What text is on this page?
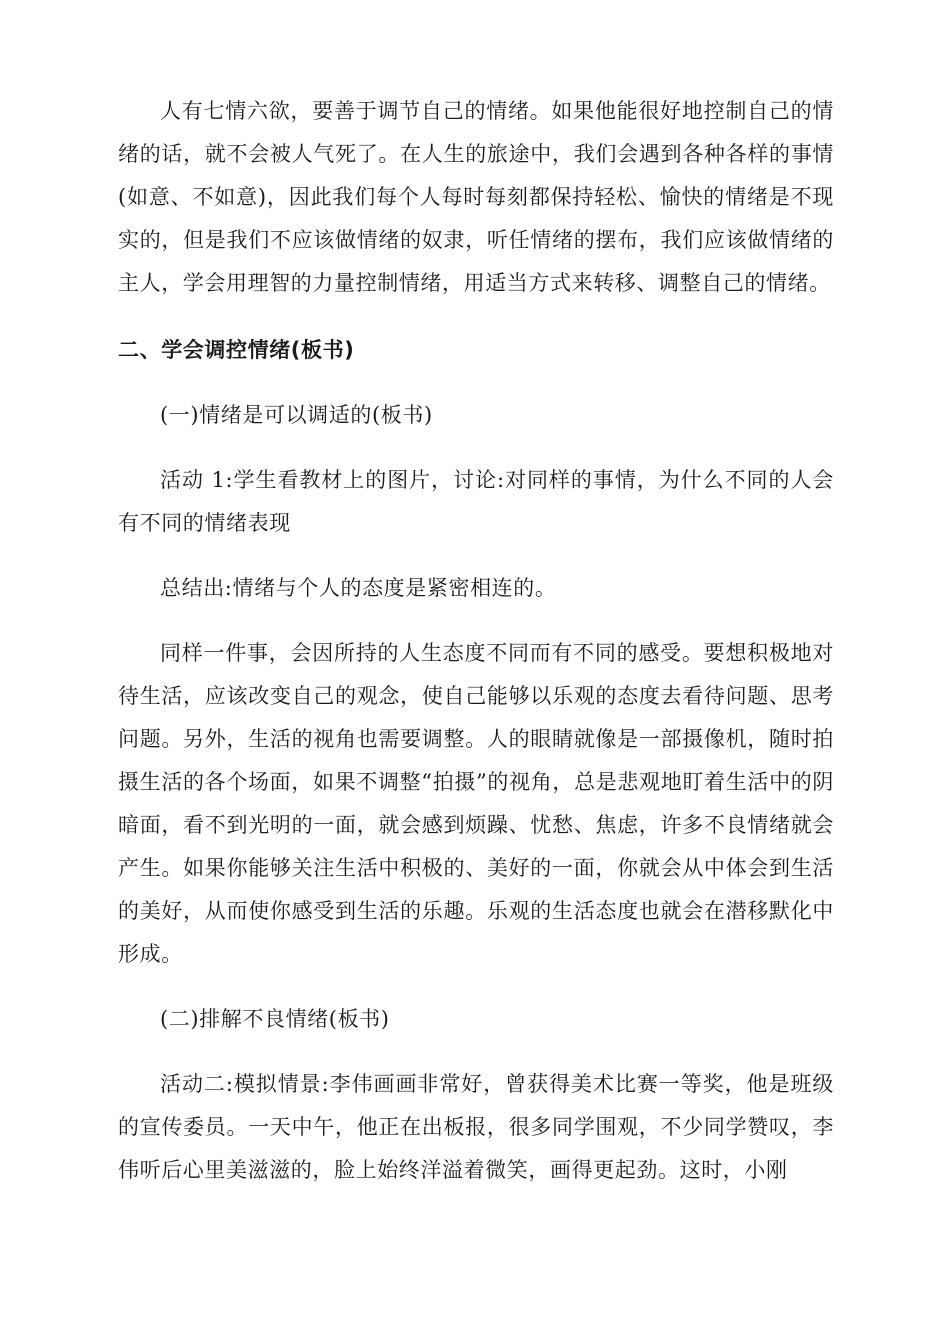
人有七情六欲，要善于调节自己的情绪。如果他能很好地控制自己的情绪的话，就不会被人气死了。在人生的旅途中，我们会遇到各种各样的事情(如意、不如意)，因此我们每个人每时每刻都保持轻松、愉快的情绪是不现实的，但是我们不应该做情绪的奴隶，听任情绪的摆布，我们应该做情绪的主人，学会用理智的力量控制情绪，用适当方式来转移、调整自己的情绪。

二、学会调控情绪(板书)

(一)情绪是可以调适的(板书)

活动 1:学生看教材上的图片，讨论:对同样的事情，为什么不同的人会有不同的情绪表现

总结出:情绪与个人的态度是紧密相连的。

同样一件事，会因所持的人生态度不同而有不同的感受。要想积极地对待生活，应该改变自己的观念，使自己能够以乐观的态度去看待问题、思考问题。另外，生活的视角也需要调整。人的眼睛就像是一部摄像机，随时拍摄生活的各个场面，如果不调整“拍摄”的视角，总是悲观地盯着生活中的阴暗面，看不到光明的一面，就会感到烦躁、忧愁、焦虑，许多不良情绪就会产生。如果你能够关注生活中积极的、美好的一面，你就会从中体会到生活的美好，从而使你感受到生活的乐趣。乐观的生活态度也就会在潜移默化中形成。

(二)排解不良情绪(板书)

活动二:模拟情景:李伟画画非常好，曾获得美术比赛一等奖，他是班级的宣传委员。一天中午，他正在出板报，很多同学围观，不少同学赞叹，李伟听后心里美滋滋的，脸上始终洋溢着微笑，画得更起劲。这时，小刚
